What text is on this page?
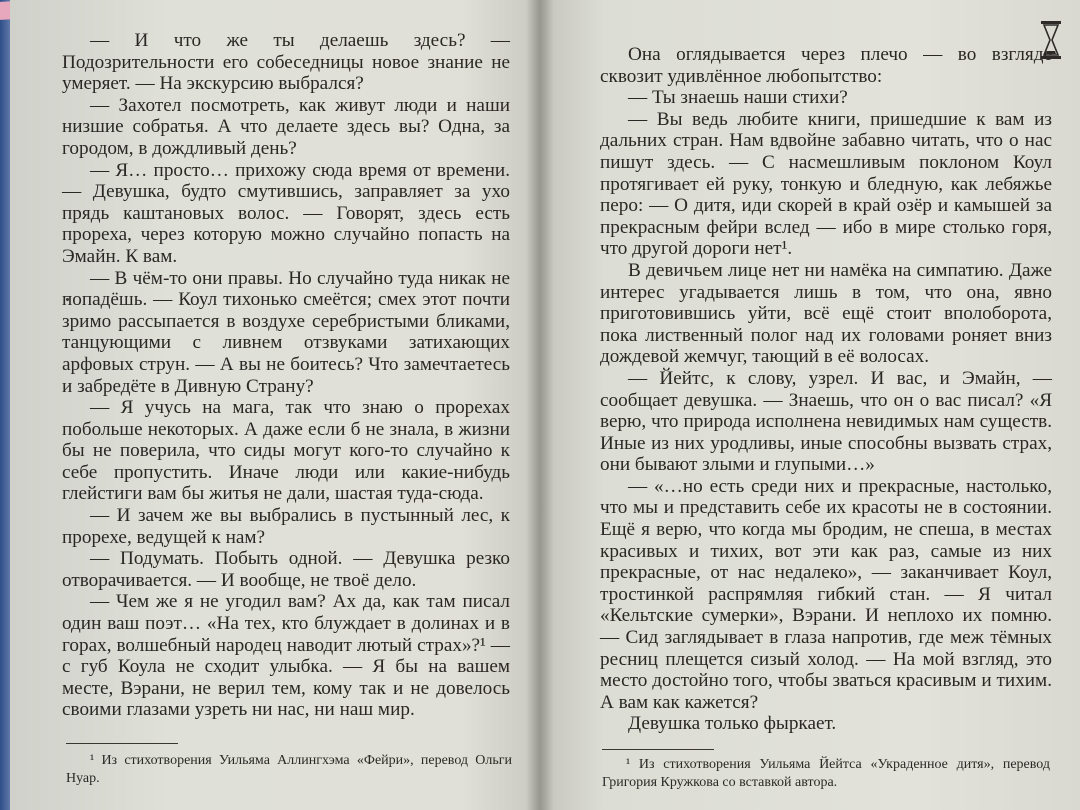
— И что же ты делаешь здесь? — Подозрительности его собеседницы новое знание не умеряет. — На экскурсию выбрался?

— Захотел посмотреть, как живут люди и наши низшие собратья. А что делаете здесь вы? Одна, за городом, в дождливый день?

— Я… просто… прихожу сюда время от времени. — Девушка, будто смутившись, заправляет за ухо прядь каштановых волос. — Говорят, здесь есть прореха, через которую можно случайно попасть на Эмайн. К вам.

— В чём-то они правы. Но случайно туда никак не попадёшь. — Коул тихонько смеётся; смех этот почти зримо рассыпается в воздухе серебристыми бликами, танцующими с ливнем отзвуками затихающих арфовых струн. — А вы не боитесь? Что замечтаетесь и забредёте в Дивную Страну?

— Я учусь на мага, так что знаю о прорехах побольше некоторых. А даже если б не знала, в жизни бы не поверила, что сиды могут кого-то случайно к себе пропустить. Иначе люди или какие-нибудь глейстиги вам бы житья не дали, шастая туда-сюда.

— И зачем же вы выбрались в пустынный лес, к прорехе, ведущей к нам?

— Подумать. Побыть одной. — Девушка резко отворачивается. — И вообще, не твоё дело.

— Чем же я не угодил вам? Ах да, как там писал один ваш поэт… «На тех, кто блуждает в долинах и в горах, волшебный народец наводит лютый страх»?¹ — с губ Коула не сходит улыбка. — Я бы на вашем месте, Вэрани, не верил тем, кому так и не довелось своими глазами узреть ни нас, ни наш мир.

¹ Из стихотворения Уильяма Аллингхэма «Фейри», перевод Ольги Нуар.

Она оглядывается через плечо — во взгляде сквозит удивлённое любопытство:

— Ты знаешь наши стихи?

— Вы ведь любите книги, пришедшие к вам из дальних стран. Нам вдвойне забавно читать, что о нас пишут здесь. — С насмешливым поклоном Коул протягивает ей руку, тонкую и бледную, как лебяжье перо: — О дитя, иди скорей в край озёр и камышей за прекрасным фейри вслед — ибо в мире столько горя, что другой дороги нет¹.

В девичьем лице нет ни намёка на симпатию. Даже интерес угадывается лишь в том, что она, явно приготовившись уйти, всё ещё стоит вполоборота, пока лиственный полог над их головами роняет вниз дождевой жемчуг, тающий в её волосах.

— Йейтс, к слову, узрел. И вас, и Эмайн, — сообщает девушка. — Знаешь, что он о вас писал? «Я верю, что природа исполнена невидимых нам существ. Иные из них уродливы, иные способны вызвать страх, они бывают злыми и глупыми…»

— «…но есть среди них и прекрасные, настолько, что мы и представить себе их красоты не в состоянии. Ещё я верю, что когда мы бродим, не спеша, в местах красивых и тихих, вот эти как раз, самые из них прекрасные, от нас недалеко», — заканчивает Коул, тростинкой распрямляя гибкий стан. — Я читал «Кельтские сумерки», Вэрани. И неплохо их помню. — Сид заглядывает в глаза напротив, где меж тёмных ресниц плещется сизый холод. — На мой взгляд, это место достойно того, чтобы зваться красивым и тихим. А вам как кажется?

Девушка только фыркает.

¹ Из стихотворения Уильяма Йейтса «Украденное дитя», перевод Григория Кружкова со вставкой автора.
